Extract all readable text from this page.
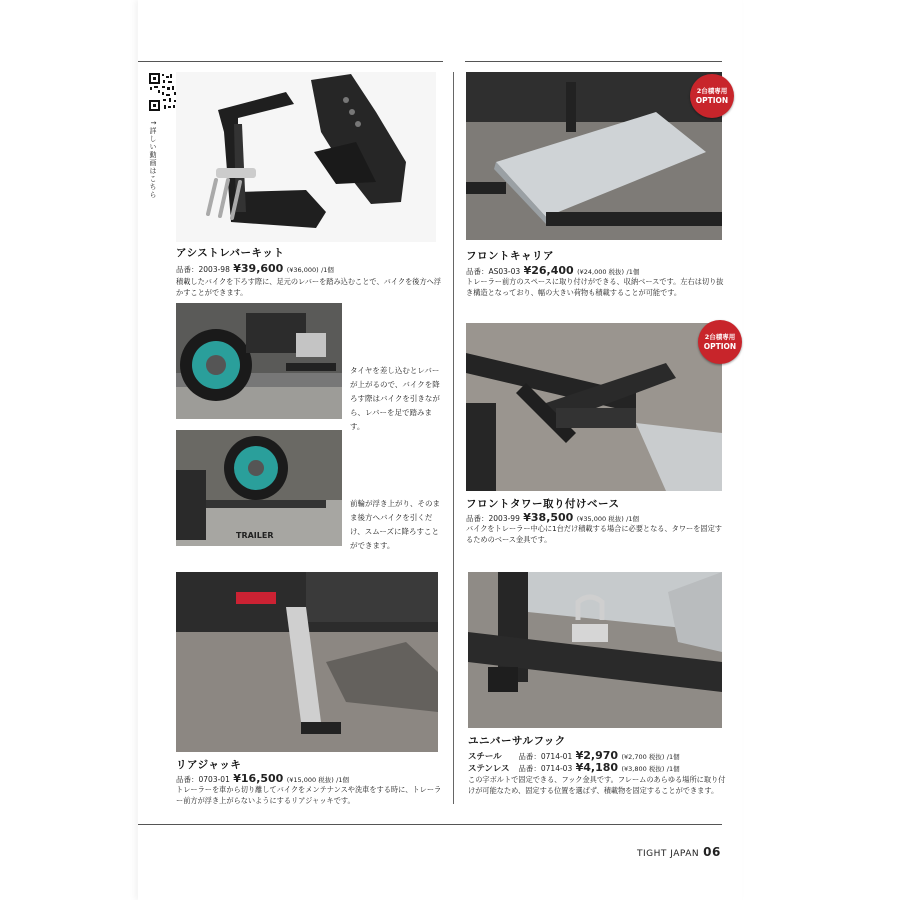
↑詳しい動画はこちら
アシストレバーキット
品番：2003-98 ¥39,600 (¥36,000) /1個
積載したバイクを下ろす際に、足元のレバーを踏み込むことで、バイクを後方へ浮かすことができます。
TRAILER
タイヤを差し込むとレバーが上がるので、バイクを降ろす際はバイクを引きながら、レバーを足で踏みます。
前輪が浮き上がり、そのまま後方へバイクを引くだけ、スムーズに降ろすことができます。
リアジャッキ
品番：0703-01 ¥16,500 (¥15,000 税抜) /1個
トレーラーを車から切り離してバイクをメンテナンスや洗車をする時に、トレーラー前方が浮き上がらないようにするリアジャッキです。
2台積専用
OPTION
フロントキャリア
品番：AS03-03 ¥26,400 (¥24,000 税抜) /1個
トレーラー前方のスペースに取り付けができる、収納ベースです。左右は切り抜き構造となっており、幅の大きい荷物も積載することが可能です。
2台積専用
OPTION
フロントタワー取り付けベース
品番：2003-99 ¥38,500 (¥35,000 税抜) /1個
バイクをトレーラー中心に1台だけ積載する場合に必要となる、タワーを固定するためのベース金具です。
ユニバーサルフック
スチール 品番：0714-01 ¥2,970 (¥2,700 税抜) /1個
ステンレス 品番：0714-03 ¥4,180 (¥3,800 税抜) /1個
この字ボルトで固定できる、フック金具です。フレームのあらゆる場所に取り付けが可能なため、固定する位置を選ばず、積載物を固定することができます。
TIGHT JAPAN 06
